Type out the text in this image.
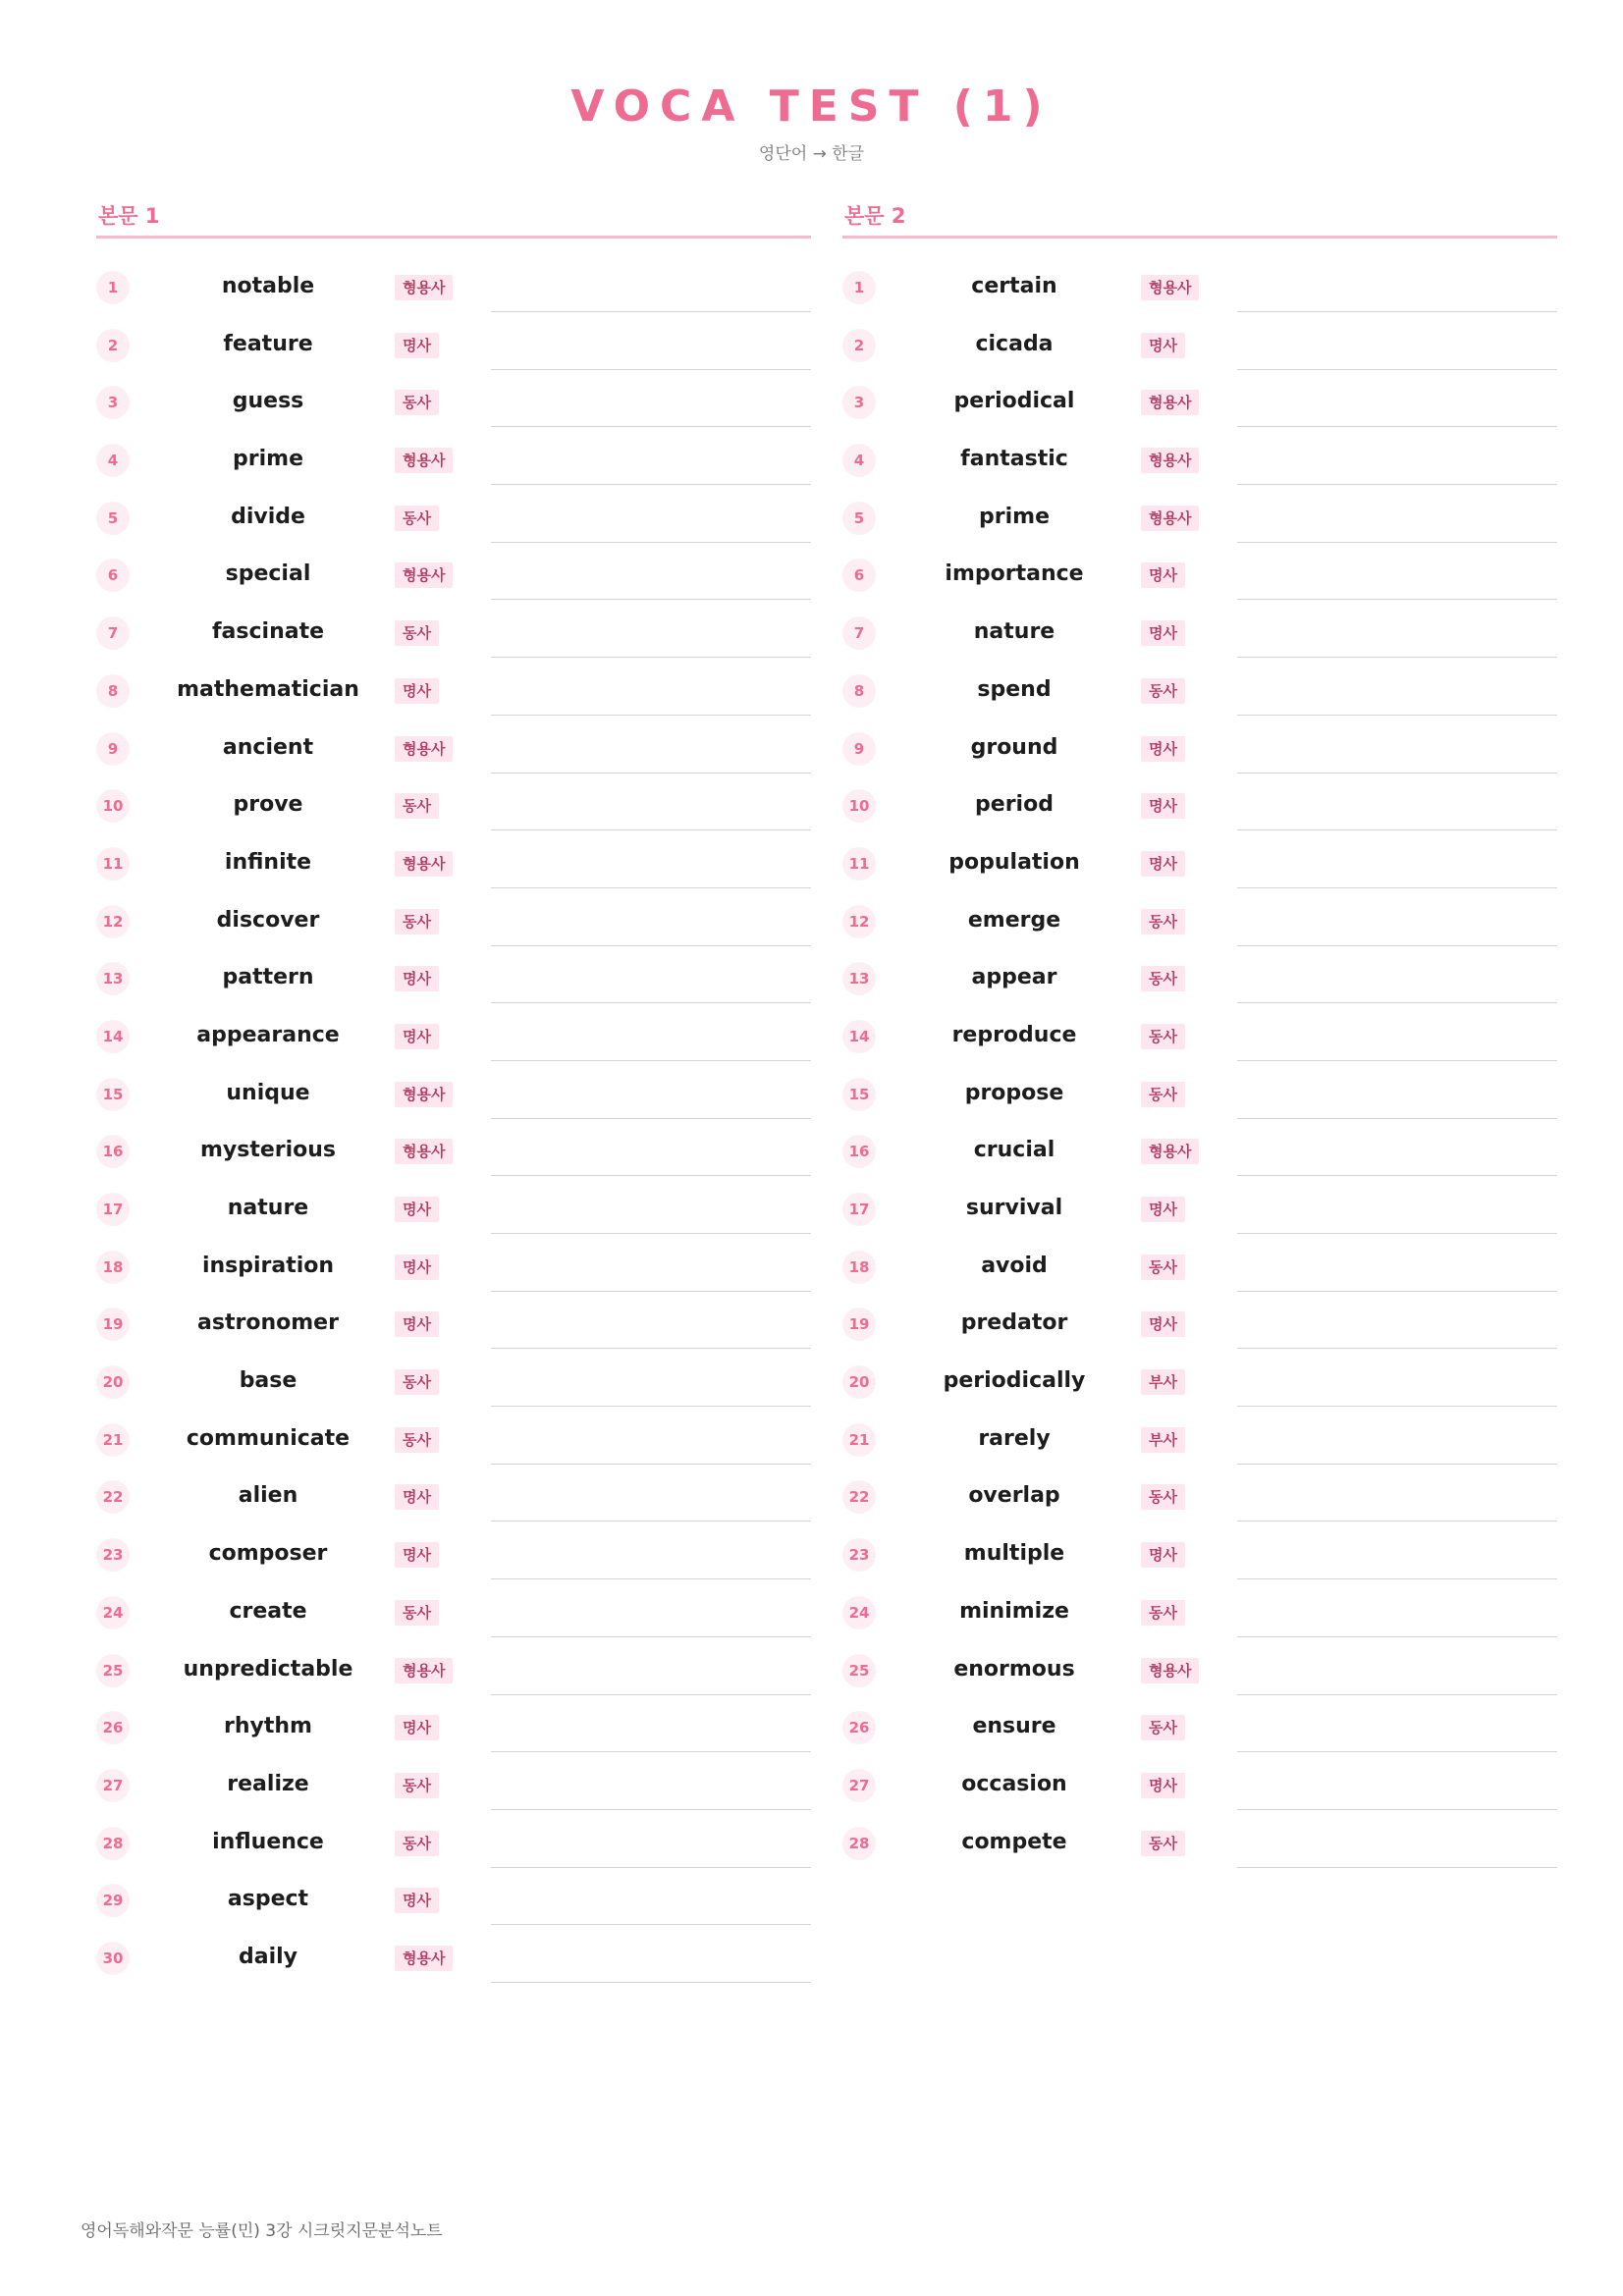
VOCA TEST (1)
영단어 → 한글
본문 1
1	notable	형용사
2	feature	명사
3	guess	동사
4	prime	형용사
5	divide	동사
6	special	형용사
7	fascinate	동사
8	mathematician	명사
9	ancient	형용사
10	prove	동사
11	infinite	형용사
12	discover	동사
13	pattern	명사
14	appearance	명사
15	unique	형용사
16	mysterious	형용사
17	nature	명사
18	inspiration	명사
19	astronomer	명사
20	base	동사
21	communicate	동사
22	alien	명사
23	composer	명사
24	create	동사
25	unpredictable	형용사
26	rhythm	명사
27	realize	동사
28	influence	동사
29	aspect	명사
30	daily	형용사
본문 2
1	certain	형용사
2	cicada	명사
3	periodical	형용사
4	fantastic	형용사
5	prime	형용사
6	importance	명사
7	nature	명사
8	spend	동사
9	ground	명사
10	period	명사
11	population	명사
12	emerge	동사
13	appear	동사
14	reproduce	동사
15	propose	동사
16	crucial	형용사
17	survival	명사
18	avoid	동사
19	predator	명사
20	periodically	부사
21	rarely	부사
22	overlap	동사
23	multiple	명사
24	minimize	동사
25	enormous	형용사
26	ensure	동사
27	occasion	명사
28	compete	동사
영어독해와작문 능률(민) 3강 시크릿지문분석노트
